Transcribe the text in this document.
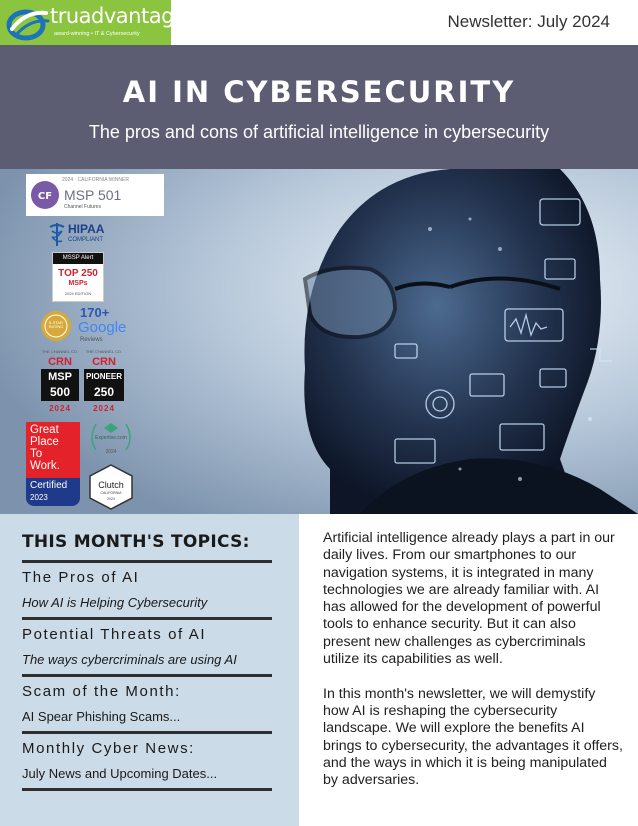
truadvantage
award-winning • IT & Cybersecurity
Newsletter: July 2024
AI IN CYBERSECURITY
The pros and cons of artificial intelligence in cybersecurity
CF
2024 · CALIFORNIA WINNER
MSP 501
Channel Futures
HIPAA
COMPLIANT
MSSP Alert
TOP 250
MSPs
2024 EDITION
5-STAR RATING
170+
Google
Reviews
THE CHANNEL CO.
CRN
MSP
500
2024
THE CHANNEL CO.
CRN
PIONEER
250
2024
Great
Place
To
Work.
Certified
2023
Expertise.com
2024
Clutch
CALIFORNIA
2024
THIS MONTH'S TOPICS:
The Pros of AI
How AI is Helping Cybersecurity
Potential Threats of AI
The ways cybercriminals are using AI
Scam of the Month:
AI Spear Phishing Scams...
Monthly Cyber News:
July News and Upcoming Dates...

Artificial intelligence already plays a part in our daily lives. From our smartphones to our navigation systems, it is integrated in many technologies we are already familiar with. AI has allowed for the development of powerful tools to enhance security. But it can also present new challenges as cybercriminals utilize its capabilities as well.

In this month's newsletter, we will demystify how AI is reshaping the cybersecurity landscape. We will explore the benefits AI brings to cybersecurity, the advantages it offers, and the ways in which it is being manipulated by adversaries.
